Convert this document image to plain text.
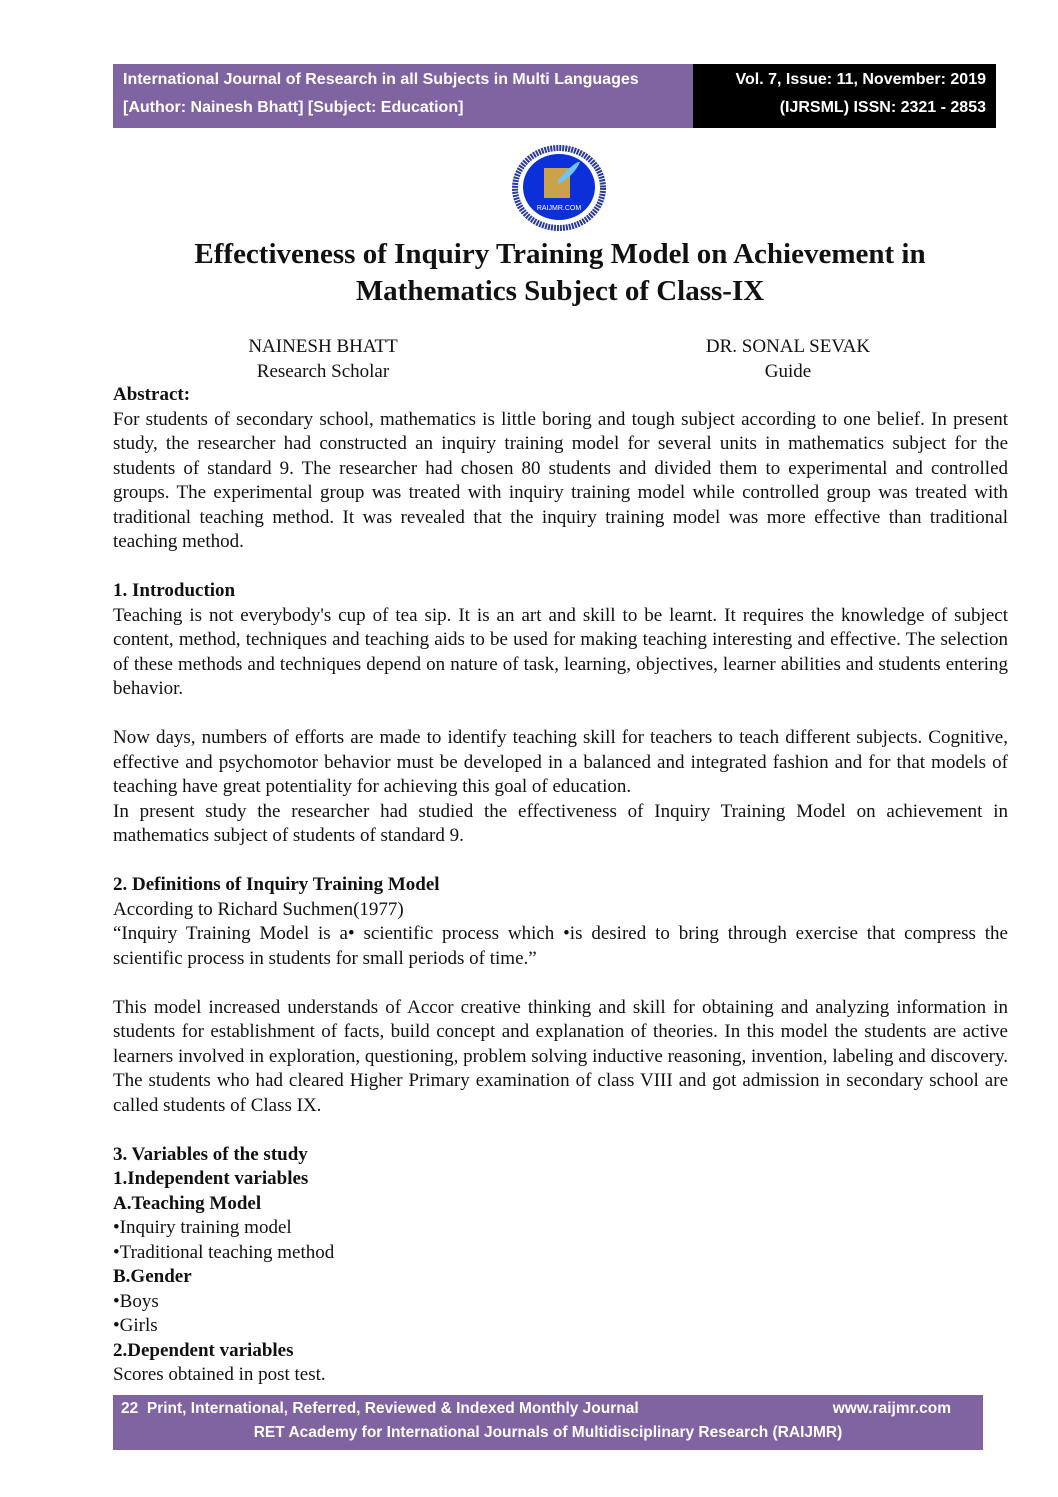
International Journal of Research in all Subjects in Multi Languages
[Author: Nainesh Bhatt] [Subject: Education]
Vol. 7, Issue: 11, November: 2019
(IJRSML) ISSN: 2321 - 2853
RAIJMR.COM
Effectiveness of Inquiry Training Model on Achievement in
Mathematics Subject of Class-IX
NAINESH BHATT
Research Scholar
DR. SONAL SEVAK
Guide

Abstract:

For students of secondary school, mathematics is little boring and tough subject according to one belief. In present study, the researcher had constructed an inquiry training model for several units in mathematics subject for the students of standard 9. The researcher had chosen 80 students and divided them to experimental and controlled groups. The experimental group was treated with inquiry training model while controlled group was treated with traditional teaching method. It was revealed that the inquiry training model was more effective than traditional teaching method.

1. Introduction

Teaching is not everybody's cup of tea sip. It is an art and skill to be learnt. It requires the knowledge of subject content, method, techniques and teaching aids to be used for making teaching interesting and effective. The selection of these methods and techniques depend on nature of task, learning, objectives, learner abilities and students entering behavior.

Now days, numbers of efforts are made to identify teaching skill for teachers to teach different subjects. Cognitive, effective and psychomotor behavior must be developed in a balanced and integrated fashion and for that models of teaching have great potentiality for achieving this goal of education.

In present study the researcher had studied the effectiveness of Inquiry Training Model on achievement in mathematics subject of students of standard 9.

2. Definitions of Inquiry Training Model

According to Richard Suchmen(1977)

“Inquiry Training Model is a• scientific process which •is desired to bring through exercise that compress the scientific process in students for small periods of time.”

This model increased understands of Accor creative thinking and skill for obtaining and analyzing information in students for establishment of facts, build concept and explanation of theories. In this model the students are active learners involved in exploration, questioning, problem solving inductive reasoning, invention, labeling and discovery. The students who had cleared Higher Primary examination of class VIII and got admission in secondary school are called students of Class IX.

3. Variables of the study

1.Independent variables

A.Teaching Model

•Inquiry training model

•Traditional teaching method

B.Gender

•Boys

•Girls

2.Dependent variables

Scores obtained in post test.

22 Print, International, Referred, Reviewed & Indexed Monthly Journal	www.raijmr.com
RET Academy for International Journals of Multidisciplinary Research (RAIJMR)
